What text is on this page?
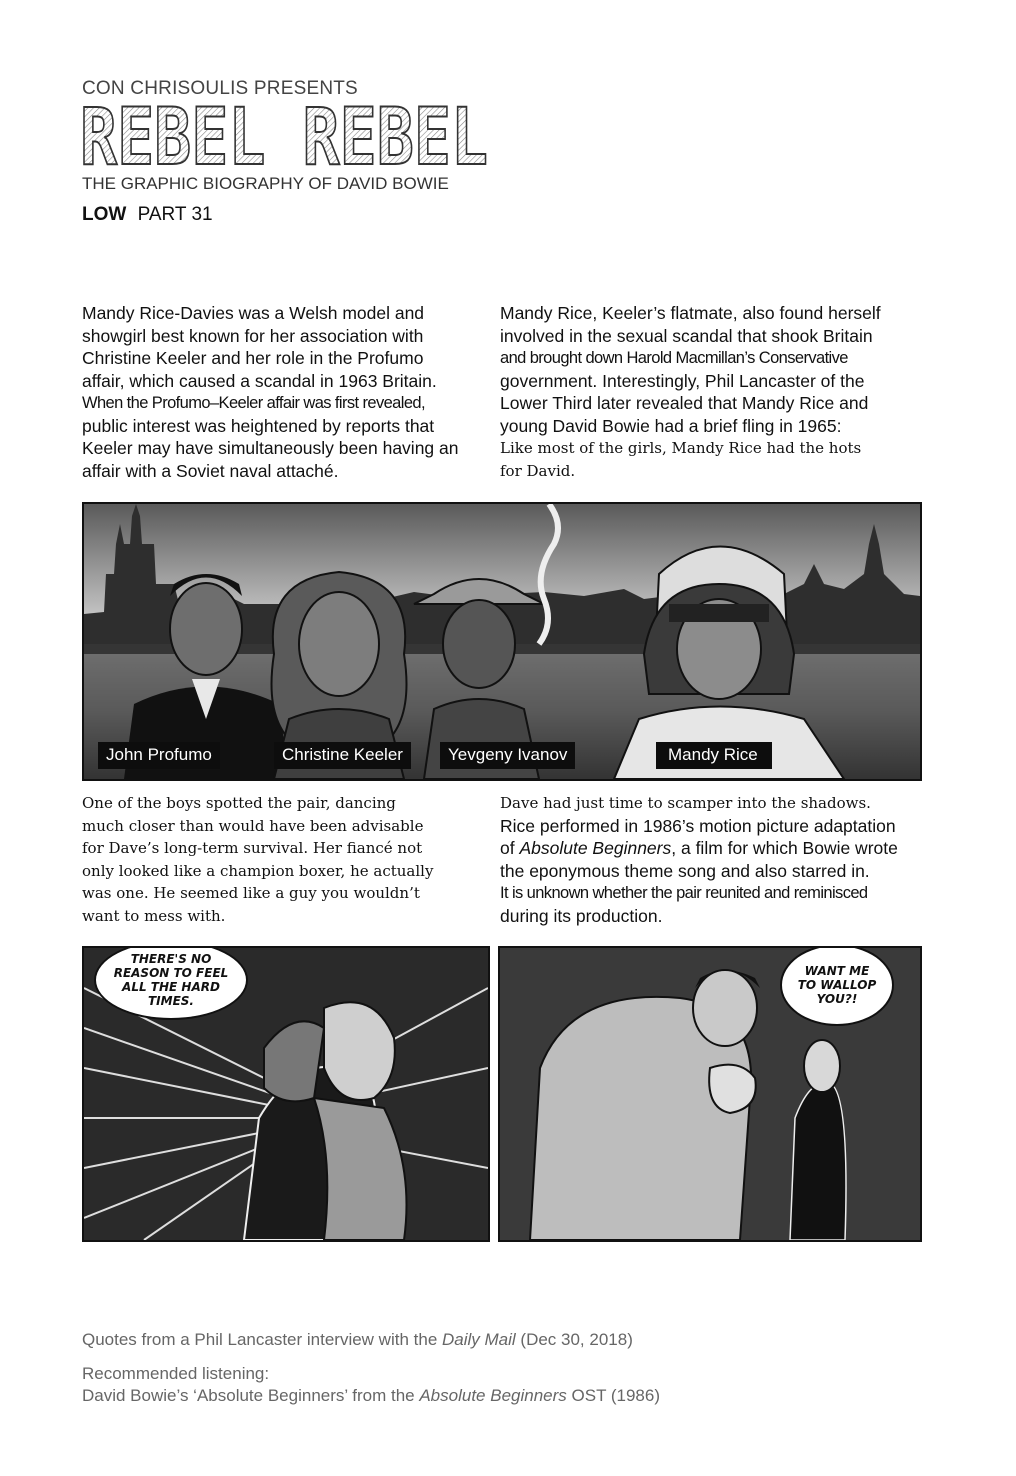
CON CHRISOULIS PRESENTS
REBEL REBEL
THE GRAPHIC BIOGRAPHY OF DAVID BOWIE
LOW PART 31

Mandy Rice-Davies was a Welsh model and

showgirl best known for her association with

Christine Keeler and her role in the Profumo

affair, which caused a scandal in 1963 Britain.

When the Profumo–Keeler affair was first revealed,

public interest was heightened by reports that

Keeler may have simultaneously been having an

affair with a Soviet naval attaché.

Mandy Rice, Keeler’s flatmate, also found herself

involved in the sexual scandal that shook Britain

and brought down Harold Macmillan’s Conservative

government. Interestingly, Phil Lancaster of the

Lower Third later revealed that Mandy Rice and

young David Bowie had a brief fling in 1965:

Like most of the girls, Mandy Rice had the hots

for David.

John Profumo	Christine Keeler	Yevgeny Ivanov	Mandy Rice

One of the boys spotted the pair, dancing

much closer than would have been advisable

for Dave’s long-term survival. Her fiancé not

only looked like a champion boxer, he actually

was one. He seemed like a guy you wouldn’t

want to mess with.

Dave had just time to scamper into the shadows.

Rice performed in 1986’s motion picture adaptation

of Absolute Beginners, a film for which Bowie wrote

the eponymous theme song and also starred in.

It is unknown whether the pair reunited and reminisced

during its production.

THERE'S NO
REASON TO FEEL
ALL THE HARD
TIMES.
WANT ME
TO WALLOP
YOU?!
Quotes from a Phil Lancaster interview with the Daily Mail (Dec 30, 2018)
Recommended listening:
David Bowie’s ‘Absolute Beginners’ from the Absolute Beginners OST (1986)
